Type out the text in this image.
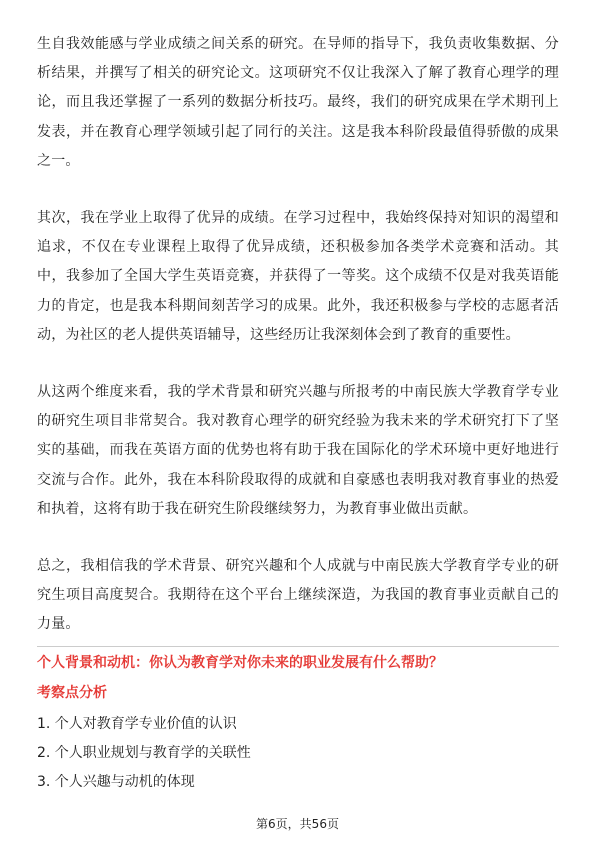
生自我效能感与学业成绩之间关系的研究。在导师的指导下，我负责收集数据、分析结果，并撰写了相关的研究论文。这项研究不仅让我深入了解了教育心理学的理论，而且我还掌握了一系列的数据分析技巧。最终，我们的研究成果在学术期刊上发表，并在教育心理学领域引起了同行的关注。这是我本科阶段最值得骄傲的成果之一。

其次，我在学业上取得了优异的成绩。在学习过程中，我始终保持对知识的渴望和追求，不仅在专业课程上取得了优异成绩，还积极参加各类学术竞赛和活动。其中，我参加了全国大学生英语竞赛，并获得了一等奖。这个成绩不仅是对我英语能力的肯定，也是我本科期间刻苦学习的成果。此外，我还积极参与学校的志愿者活动，为社区的老人提供英语辅导，这些经历让我深刻体会到了教育的重要性。

从这两个维度来看，我的学术背景和研究兴趣与所报考的中南民族大学教育学专业的研究生项目非常契合。我对教育心理学的研究经验为我未来的学术研究打下了坚实的基础，而我在英语方面的优势也将有助于我在国际化的学术环境中更好地进行交流与合作。此外，我在本科阶段取得的成就和自豪感也表明我对教育事业的热爱和执着，这将有助于我在研究生阶段继续努力，为教育事业做出贡献。

总之，我相信我的学术背景、研究兴趣和个人成就与中南民族大学教育学专业的研究生项目高度契合。我期待在这个平台上继续深造，为我国的教育事业贡献自己的力量。

个人背景和动机：你认为教育学对你未来的职业发展有什么帮助？
考察点分析
1. 个人对教育学专业价值的认识
2. 个人职业规划与教育学的关联性
3. 个人兴趣与动机的体现
第6页，共56页
